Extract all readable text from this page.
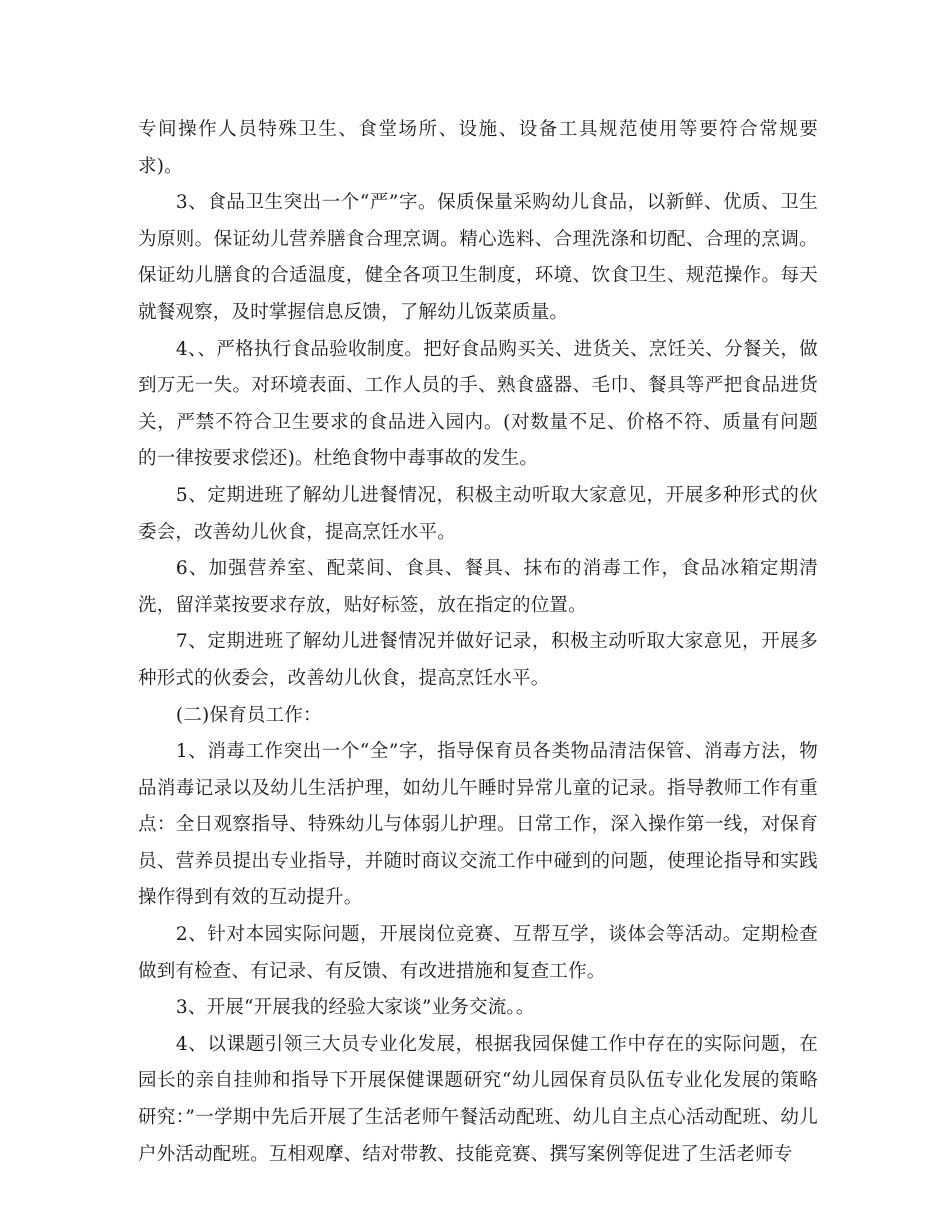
专间操作人员特殊卫生、食堂场所、设施、设备工具规范使用等要符合常规要求)。

3、食品卫生突出一个“严”字。保质保量采购幼儿食品，以新鲜、优质、卫生为原则。保证幼儿营养膳食合理烹调。精心选料、合理洗涤和切配、合理的烹调。保证幼儿膳食的合适温度，健全各项卫生制度，环境、饮食卫生、规范操作。每天就餐观察，及时掌握信息反馈，了解幼儿饭菜质量。

4、、严格执行食品验收制度。把好食品购买关、进货关、烹饪关、分餐关，做到万无一失。对环境表面、工作人员的手、熟食盛器、毛巾、餐具等严把食品进货关，严禁不符合卫生要求的食品进入园内。(对数量不足、价格不符、质量有问题的一律按要求偿还)。杜绝食物中毒事故的发生。

5、定期进班了解幼儿进餐情况，积极主动听取大家意见，开展多种形式的伙委会，改善幼儿伙食，提高烹饪水平。

6、加强营养室、配菜间、食具、餐具、抹布的消毒工作，食品冰箱定期清洗，留洋菜按要求存放，贴好标签，放在指定的位置。

7、定期进班了解幼儿进餐情况并做好记录，积极主动听取大家意见，开展多种形式的伙委会，改善幼儿伙食，提高烹饪水平。

(二)保育员工作：

1、消毒工作突出一个“全”字，指导保育员各类物品清洁保管、消毒方法，物品消毒记录以及幼儿生活护理，如幼儿午睡时异常儿童的记录。指导教师工作有重点：全日观察指导、特殊幼儿与体弱儿护理。日常工作，深入操作第一线，对保育员、营养员提出专业指导，并随时商议交流工作中碰到的问题，使理论指导和实践操作得到有效的互动提升。

2、针对本园实际问题，开展岗位竞赛、互帮互学，谈体会等活动。定期检查做到有检查、有记录、有反馈、有改进措施和复查工作。

3、开展“开展我的经验大家谈”业务交流。。

4、以课题引领三大员专业化发展，根据我园保健工作中存在的实际问题，在园长的亲自挂帅和指导下开展保健课题研究“幼儿园保育员队伍专业化发展的策略研究：”一学期中先后开展了生活老师午餐活动配班、幼儿自主点心活动配班、幼儿户外活动配班。互相观摩、结对带教、技能竞赛、撰写案例等促进了生活老师专
